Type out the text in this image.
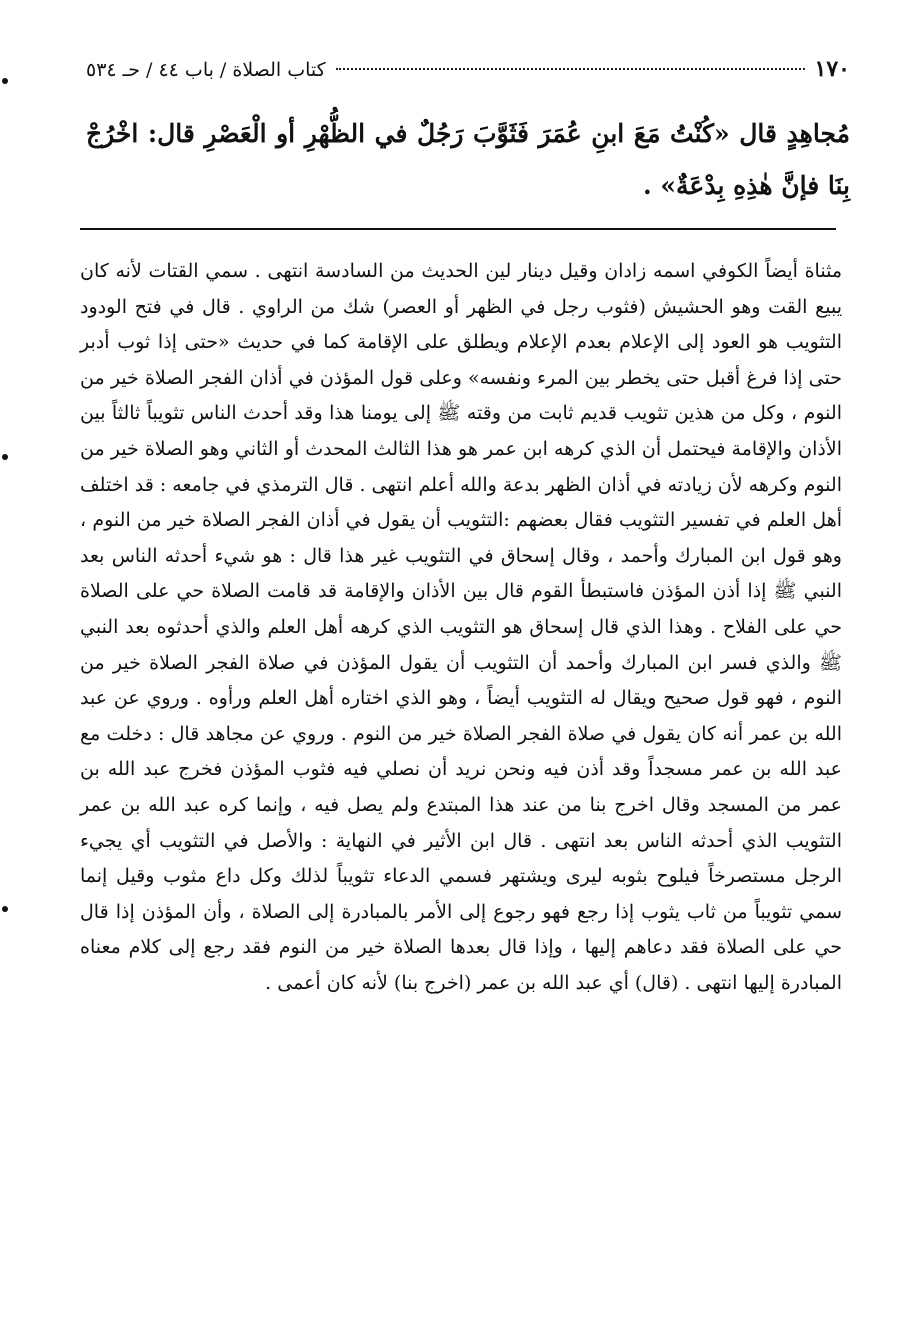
١٧٠
كتاب الصلاة / باب ٤٤ / حـ ٥٣٤
مُجاهِدٍ قال «كُنْتُ مَعَ ابنِ عُمَرَ فَثَوَّبَ رَجُلٌ في الظُّهْرِ أو الْعَصْرِ قال: اخْرُجْ بِنَا فإنَّ هٰذِهِ بِدْعَةٌ» .

مثناة أيضاً الكوفي اسمه زادان وقيل دينار لين الحديث من السادسة انتهى . سمي القتات لأنه كان يبيع القت وهو الحشيش (فثوب رجل في الظهر أو العصر) شك من الراوي . قال في فتح الودود التثويب هو العود إلى الإعلام بعدم الإعلام ويطلق على الإقامة كما في حديث «حتى إذا ثوب أدبر حتى إذا فرغ أقبل حتى يخطر بين المرء ونفسه» وعلى قول المؤذن في أذان الفجر الصلاة خير من النوم ، وكل من هذين تثويب قديم ثابت من وقته ﷺ إلى يومنا هذا وقد أحدث الناس تثويباً ثالثاً بين الأذان والإقامة فيحتمل أن الذي كرهه ابن عمر هو هذا الثالث المحدث أو الثاني وهو الصلاة خير من النوم وكرهه لأن زيادته في أذان الظهر بدعة والله أعلم انتهى . قال الترمذي في جامعه : قد اختلف أهل العلم في تفسير التثويب فقال بعضهم :التثويب أن يقول في أذان الفجر الصلاة خير من النوم ، وهو قول ابن المبارك وأحمد ، وقال إسحاق في التثويب غير هذا قال : هو شيء أحدثه الناس بعد النبي ﷺ إذا أذن المؤذن فاستبطأ القوم قال بين الأذان والإقامة قد قامت الصلاة حي على الصلاة حي على الفلاح . وهذا الذي قال إسحاق هو التثويب الذي كرهه أهل العلم والذي أحدثوه بعد النبي ﷺ والذي فسر ابن المبارك وأحمد أن التثويب أن يقول المؤذن في صلاة الفجر الصلاة خير من النوم ، فهو قول صحيح ويقال له التثويب أيضاً ، وهو الذي اختاره أهل العلم ورأوه . وروي عن عبد الله بن عمر أنه كان يقول في صلاة الفجر الصلاة خير من النوم . وروي عن مجاهد قال : دخلت مع عبد الله بن عمر مسجداً وقد أذن فيه ونحن نريد أن نصلي فيه فثوب المؤذن فخرج عبد الله بن عمر من المسجد وقال اخرج بنا من عند هذا المبتدع ولم يصل فيه ، وإنما كره عبد الله بن عمر التثويب الذي أحدثه الناس بعد انتهى . قال ابن الأثير في النهاية : والأصل في التثويب أي يجيء الرجل مستصرخاً فيلوح بثوبه ليرى ويشتهر فسمي الدعاء تثويباً لذلك وكل داع مثوب وقيل إنما سمي تثويباً من ثاب يثوب إذا رجع فهو رجوع إلى الأمر بالمبادرة إلى الصلاة ، وأن المؤذن إذا قال حي على الصلاة فقد دعاهم إليها ، وإذا قال بعدها الصلاة خير من النوم فقد رجع إلى كلام معناه المبادرة إليها انتهى . (قال) أي عبد الله بن عمر (اخرج بنا) لأنه كان أعمى .
